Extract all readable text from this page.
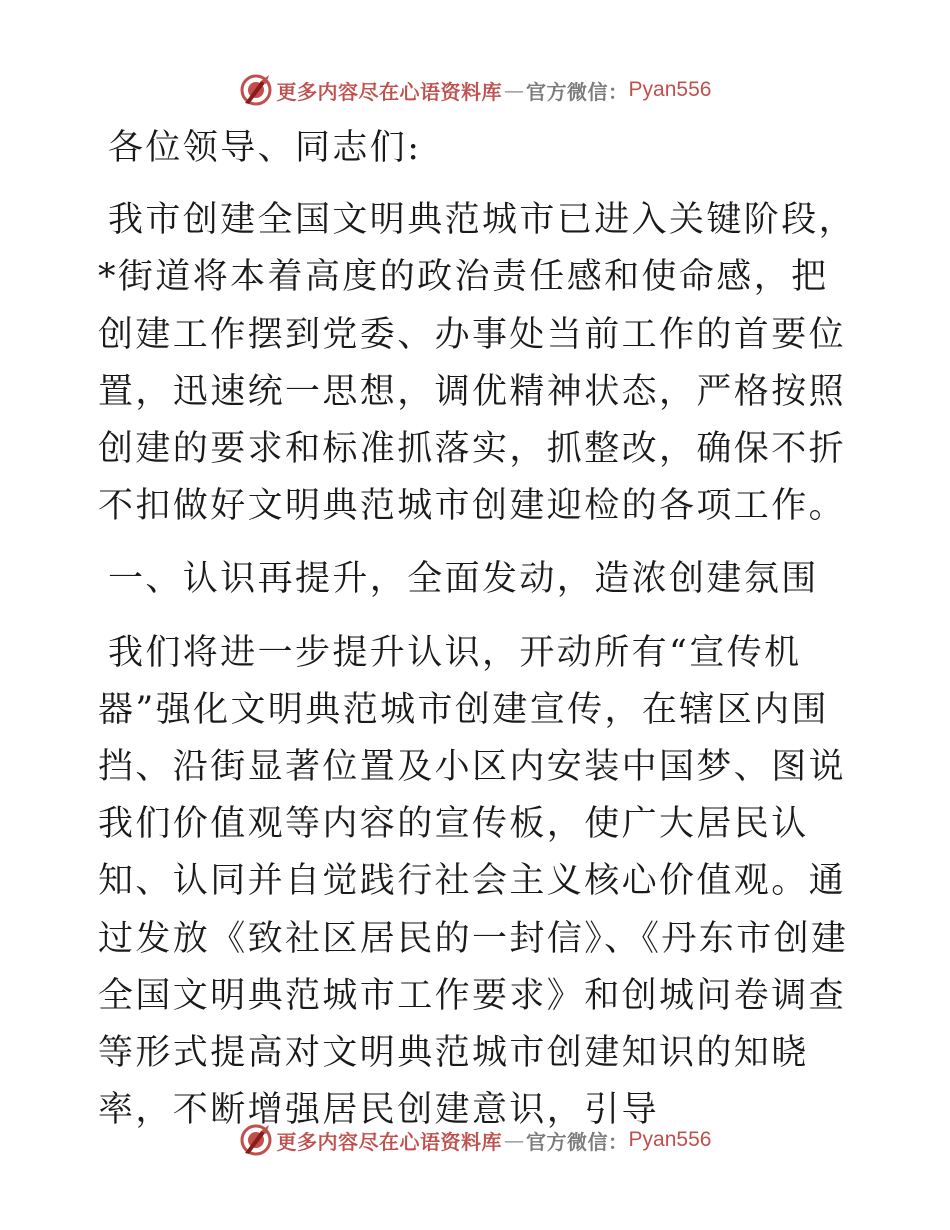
更多内容尽在心语资料库 — 官方微信： Pyan556

各位领导、同志们:

我市创建全国文明典范城市已进入关键阶段，*街道将本着高度的政治责任感和使命感，把创建工作摆到党委、办事处当前工作的首要位置，迅速统一思想，调优精神状态，严格按照创建的要求和标准抓落实，抓整改，确保不折不扣做好文明典范城市创建迎检的各项工作。

一、认识再提升，全面发动，造浓创建氛围

我们将进一步提升认识，开动所有“宣传机器”强化文明典范城市创建宣传，在辖区内围挡、沿街显著位置及小区内安装中国梦、图说我们价值观等内容的宣传板，使广大居民认知、认同并自觉践行社会主义核心价值观。通过发放《致社区居民的一封信》、《丹东市创建全国文明典范城市工作要求》和创城问卷调查等形式提高对文明典范城市创建知识的知晓率，不断增强居民创建意识，引导

更多内容尽在心语资料库 — 官方微信： Pyan556
